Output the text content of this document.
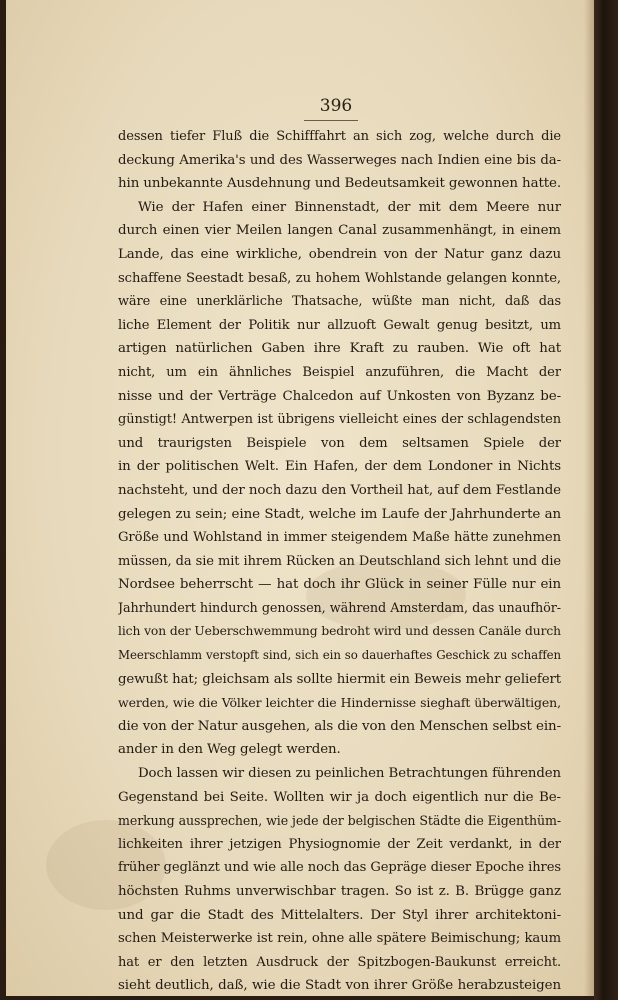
396
dessen tiefer Fluß die Schifffahrt an sich zog, welche durch die
deckung Amerika's und des Wasserweges nach Indien eine bis da-
hin unbekannte Ausdehnung und Bedeutsamkeit gewonnen hatte.
Wie der Hafen einer Binnenstadt, der mit dem Meere nur
durch einen vier Meilen langen Canal zusammenhängt, in einem
Lande, das eine wirkliche, obendrein von der Natur ganz dazu
schaffene Seestadt besaß, zu hohem Wohlstande gelangen konnte,
wäre eine unerklärliche Thatsache, wüßte man nicht, daß das
liche Element der Politik nur allzuoft Gewalt genug besitzt, um
artigen natürlichen Gaben ihre Kraft zu rauben. Wie oft hat
nicht, um ein ähnliches Beispiel anzuführen, die Macht der
nisse und der Verträge Chalcedon auf Unkosten von Byzanz be-
günstigt! Antwerpen ist übrigens vielleicht eines der schlagendsten
und traurigsten Beispiele von dem seltsamen Spiele der
in der politischen Welt. Ein Hafen, der dem Londoner in Nichts
nachsteht, und der noch dazu den Vortheil hat, auf dem Festlande
gelegen zu sein; eine Stadt, welche im Laufe der Jahrhunderte an
Größe und Wohlstand in immer steigendem Maße hätte zunehmen
müssen, da sie mit ihrem Rücken an Deutschland sich lehnt und die
Nordsee beherrscht — hat doch ihr Glück in seiner Fülle nur ein
Jahrhundert hindurch genossen, während Amsterdam, das unaufhör-
lich von der Ueberschwemmung bedroht wird und dessen Canäle durch
Meerschlamm verstopft sind, sich ein so dauerhaftes Geschick zu schaffen
gewußt hat; gleichsam als sollte hiermit ein Beweis mehr geliefert
werden, wie die Völker leichter die Hindernisse sieghaft überwältigen,
die von der Natur ausgehen, als die von den Menschen selbst ein-
ander in den Weg gelegt werden.
Doch lassen wir diesen zu peinlichen Betrachtungen führenden
Gegenstand bei Seite. Wollten wir ja doch eigentlich nur die Be-
merkung aussprechen, wie jede der belgischen Städte die Eigenthüm-
lichkeiten ihrer jetzigen Physiognomie der Zeit verdankt, in der
früher geglänzt und wie alle noch das Gepräge dieser Epoche ihres
höchsten Ruhms unverwischbar tragen. So ist z. B. Brügge ganz
und gar die Stadt des Mittelalters. Der Styl ihrer architektoni-
schen Meisterwerke ist rein, ohne alle spätere Beimischung; kaum
hat er den letzten Ausdruck der Spitzbogen-Baukunst erreicht.
sieht deutlich, daß, wie die Stadt von ihrer Größe herabzusteigen
